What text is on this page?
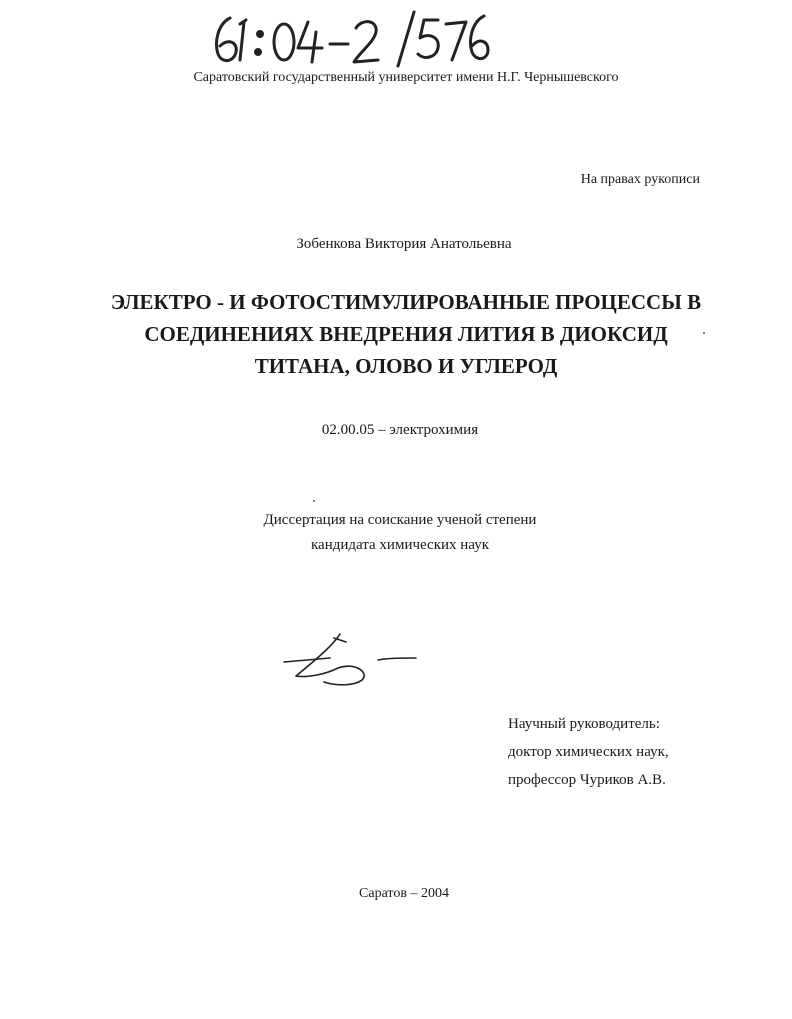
Саратовский государственный университет имени Н.Г. Чернышевского
На правах рукописи
Зобенкова Виктория Анатольевна
ЭЛЕКТРО - И ФОТОСТИМУЛИРОВАННЫЕ ПРОЦЕССЫ В
СОЕДИНЕНИЯХ ВНЕДРЕНИЯ ЛИТИЯ В ДИОКСИД
ТИТАНА, ОЛОВО И УГЛЕРОД
02.00.05 – электрохимия
Диссертация на соискание ученой степени
кандидата химических наук
Научный руководитель:
доктор химических наук,
профессор Чуриков А.В.
Саратов – 2004
